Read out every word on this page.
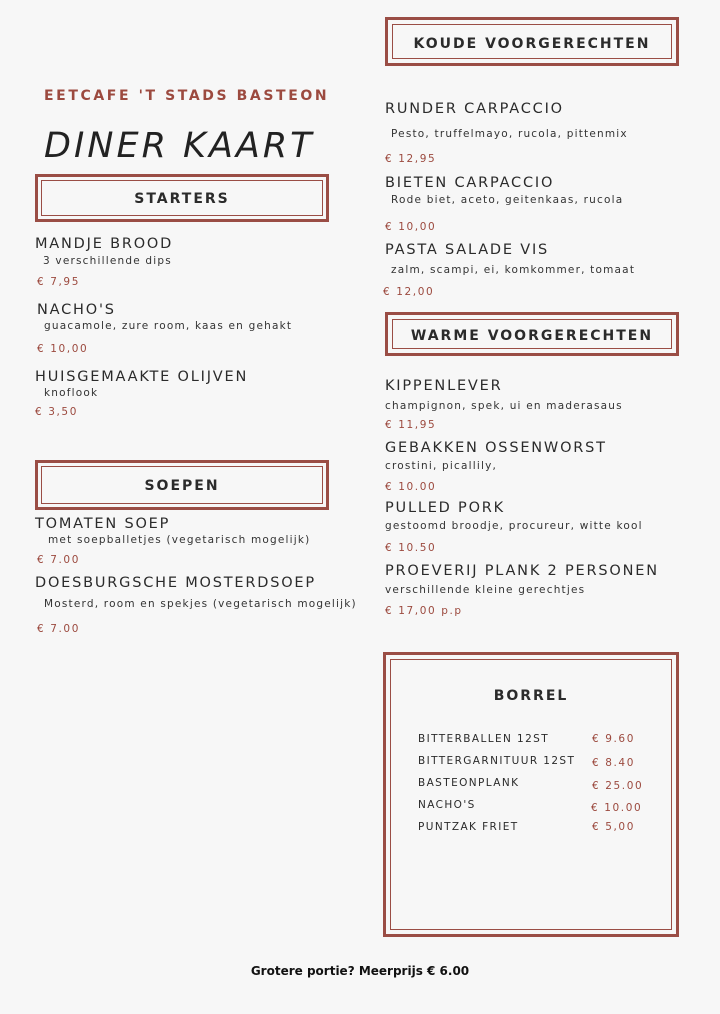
EETCAFE 'T STADS BASTEON
DINER KAART
STARTERS
MANDJE BROOD
3 verschillende dips
€ 7,95
NACHO'S
guacamole, zure room, kaas en gehakt
€ 10,00
HUISGEMAAKTE OLIJVEN
knoflook
€ 3,50
SOEPEN
TOMATEN SOEP
met soepballetjes (vegetarisch mogelijk)
€ 7.00
DOESBURGSCHE MOSTERDSOEP
Mosterd, room en spekjes (vegetarisch mogelijk)
€ 7.00
KOUDE VOORGERECHTEN
RUNDER CARPACCIO
Pesto, truffelmayo, rucola, pittenmix
€ 12,95
BIETEN CARPACCIO
Rode biet, aceto, geitenkaas, rucola
€ 10,00
PASTA SALADE VIS
zalm, scampi, ei, komkommer, tomaat
€ 12,00
WARME VOORGERECHTEN
KIPPENLEVER
champignon, spek, ui en maderasaus
€ 11,95
GEBAKKEN OSSENWORST
crostini, picallily,
€ 10.00
PULLED PORK
gestoomd broodje, procureur, witte kool
€ 10.50
PROEVERIJ PLANK 2 PERSONEN
verschillende kleine gerechtjes
€ 17,00 p.p
BORREL
BITTERBALLEN 12ST	€ 9.60
BITTERGARNITUUR 12ST € 8.40
BASTEONPLANK	€ 25.00
NACHO'S	€ 10.00
PUNTZAK FRIET	€ 5,00
Grotere portie? Meerprijs € 6.00
